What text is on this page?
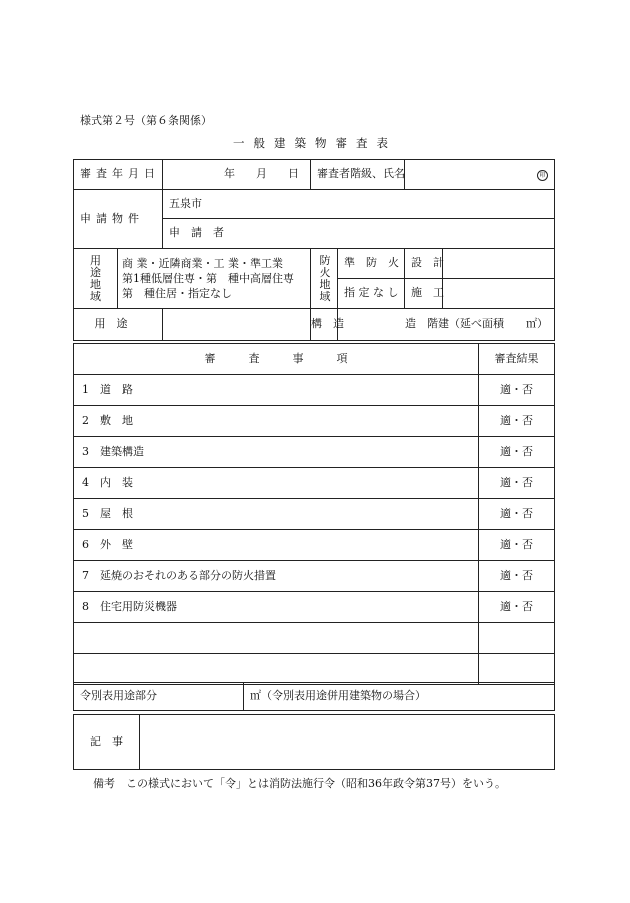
様式第２号（第６条関係）
一般建築物審査表
審査年月日		年　月　日	審査者階級、氏名		印	
申請物件		五泉市				
		申　請　者				

用途地域	商 業・近隣商業・工 業・準工業
第1種低層住専・第　種中高層住専
第　種住居・指定なし		防火地域	準　防　火	設　計	
				指 定 な し	施　工	
用　途			構　造	造　階建（延べ面積　　㎡）		
審　　　査　　　事　　　項	審査結果
1　 道　路	適・否
2　 敷　地	適・否
3　 建築構造	適・否
4　 内　装	適・否
5　 屋　根	適・否
6　 外　壁	適・否
7　 延焼のおそれのある部分の防火措置	適・否
8　 住宅用防災機器	適・否

令別表用途部分	㎡（令別表用途併用建築物の場合）
記　事	
備考　この様式において「令」とは消防法施行令（昭和36年政令第37号）をいう。
